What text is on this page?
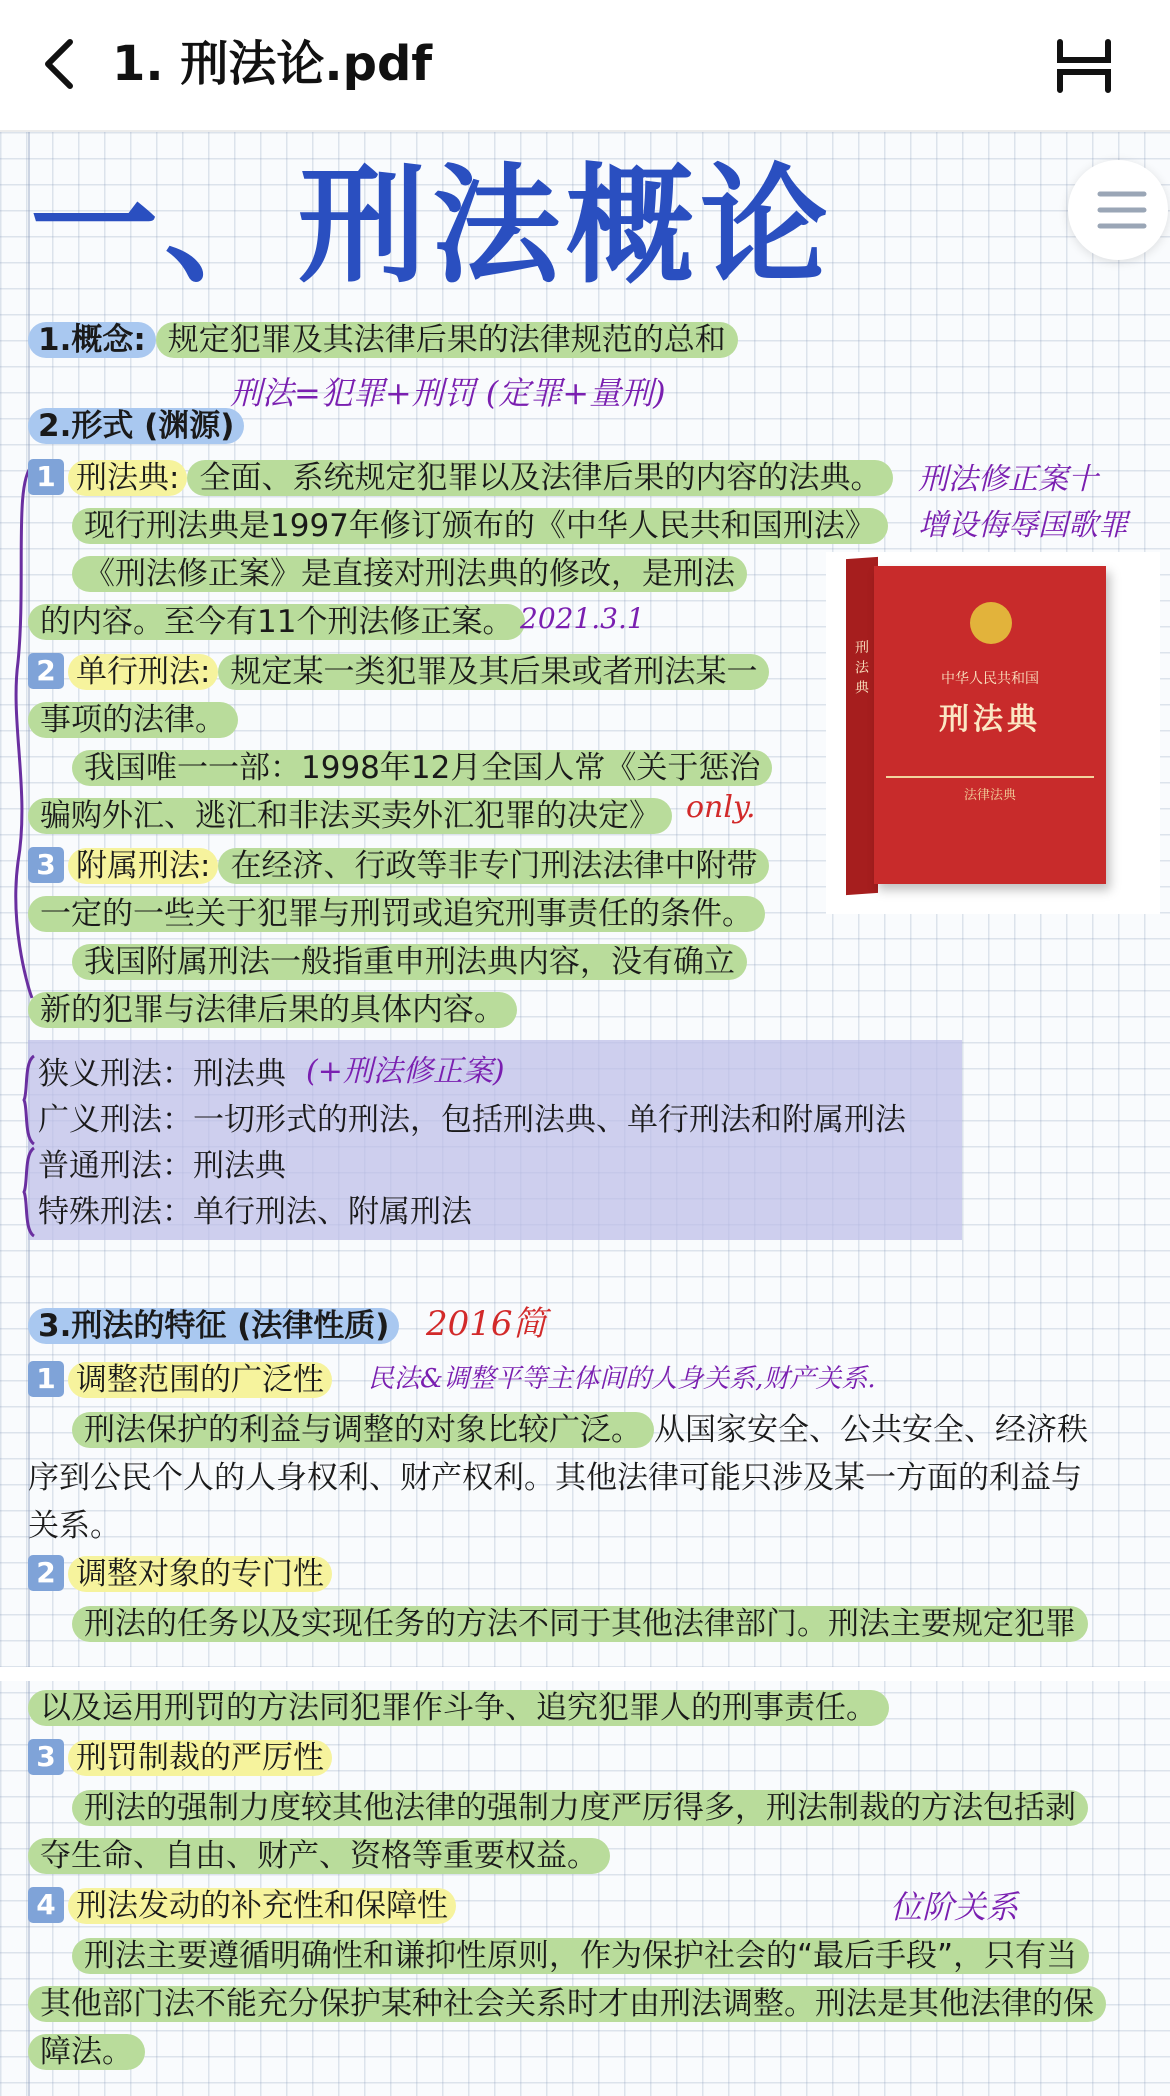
1. 刑法论.pdf
一、刑法概论
1.概念: 规定犯罪及其法律后果的法律规范的总和
刑法=犯罪+刑罚 (定罪+量刑)
2.形式 (渊源)
1 刑法典: 全面、系统规定犯罪以及法律后果的内容的法典。	刑法修正案十
增设侮辱国歌罪
现行刑法典是1997年修订颁布的《中华人民共和国刑法》
《刑法修正案》是直接对刑法典的修改，是刑法
的内容。至今有11个刑法修正案。 2021.3.1
2 单行刑法: 规定某一类犯罪及其后果或者刑法某一
事项的法律。
我国唯一一部：1998年12月全国人常《关于惩治
骗购外汇、逃汇和非法买卖外汇犯罪的决定》 only.
3 附属刑法: 在经济、行政等非专门刑法法律中附带
一定的一些关于犯罪与刑罚或追究刑事责任的条件。
我国附属刑法一般指重申刑法典内容，没有确立
新的犯罪与法律后果的具体内容。
刑法典
中华人民共和国
刑法典
法律法典
狭义刑法：刑法典 (+刑法修正案)
广义刑法：一切形式的刑法，包括刑法典、单行刑法和附属刑法
普通刑法：刑法典
特殊刑法：单行刑法、附属刑法
3.刑法的特征 (法律性质) 2016简
1 调整范围的广泛性	民法&调整平等主体间的人身关系,财产关系.
刑法保护的利益与调整的对象比较广泛。 从国家安全、公共安全、经济秩
序到公民个人的人身权利、财产权利。其他法律可能只涉及某一方面的利益与
关系。
2 调整对象的专门性
刑法的任务以及实现任务的方法不同于其他法律部门。刑法主要规定犯罪
以及运用刑罚的方法同犯罪作斗争、追究犯罪人的刑事责任。
3 刑罚制裁的严厉性
刑法的强制力度较其他法律的强制力度严厉得多，刑法制裁的方法包括剥
夺生命、自由、财产、资格等重要权益。
4 刑法发动的补充性和保障性	位阶关系
刑法主要遵循明确性和谦抑性原则，作为保护社会的“最后手段”，只有当
其他部门法不能充分保护某种社会关系时才由刑法调整。刑法是其他法律的保
障法。
